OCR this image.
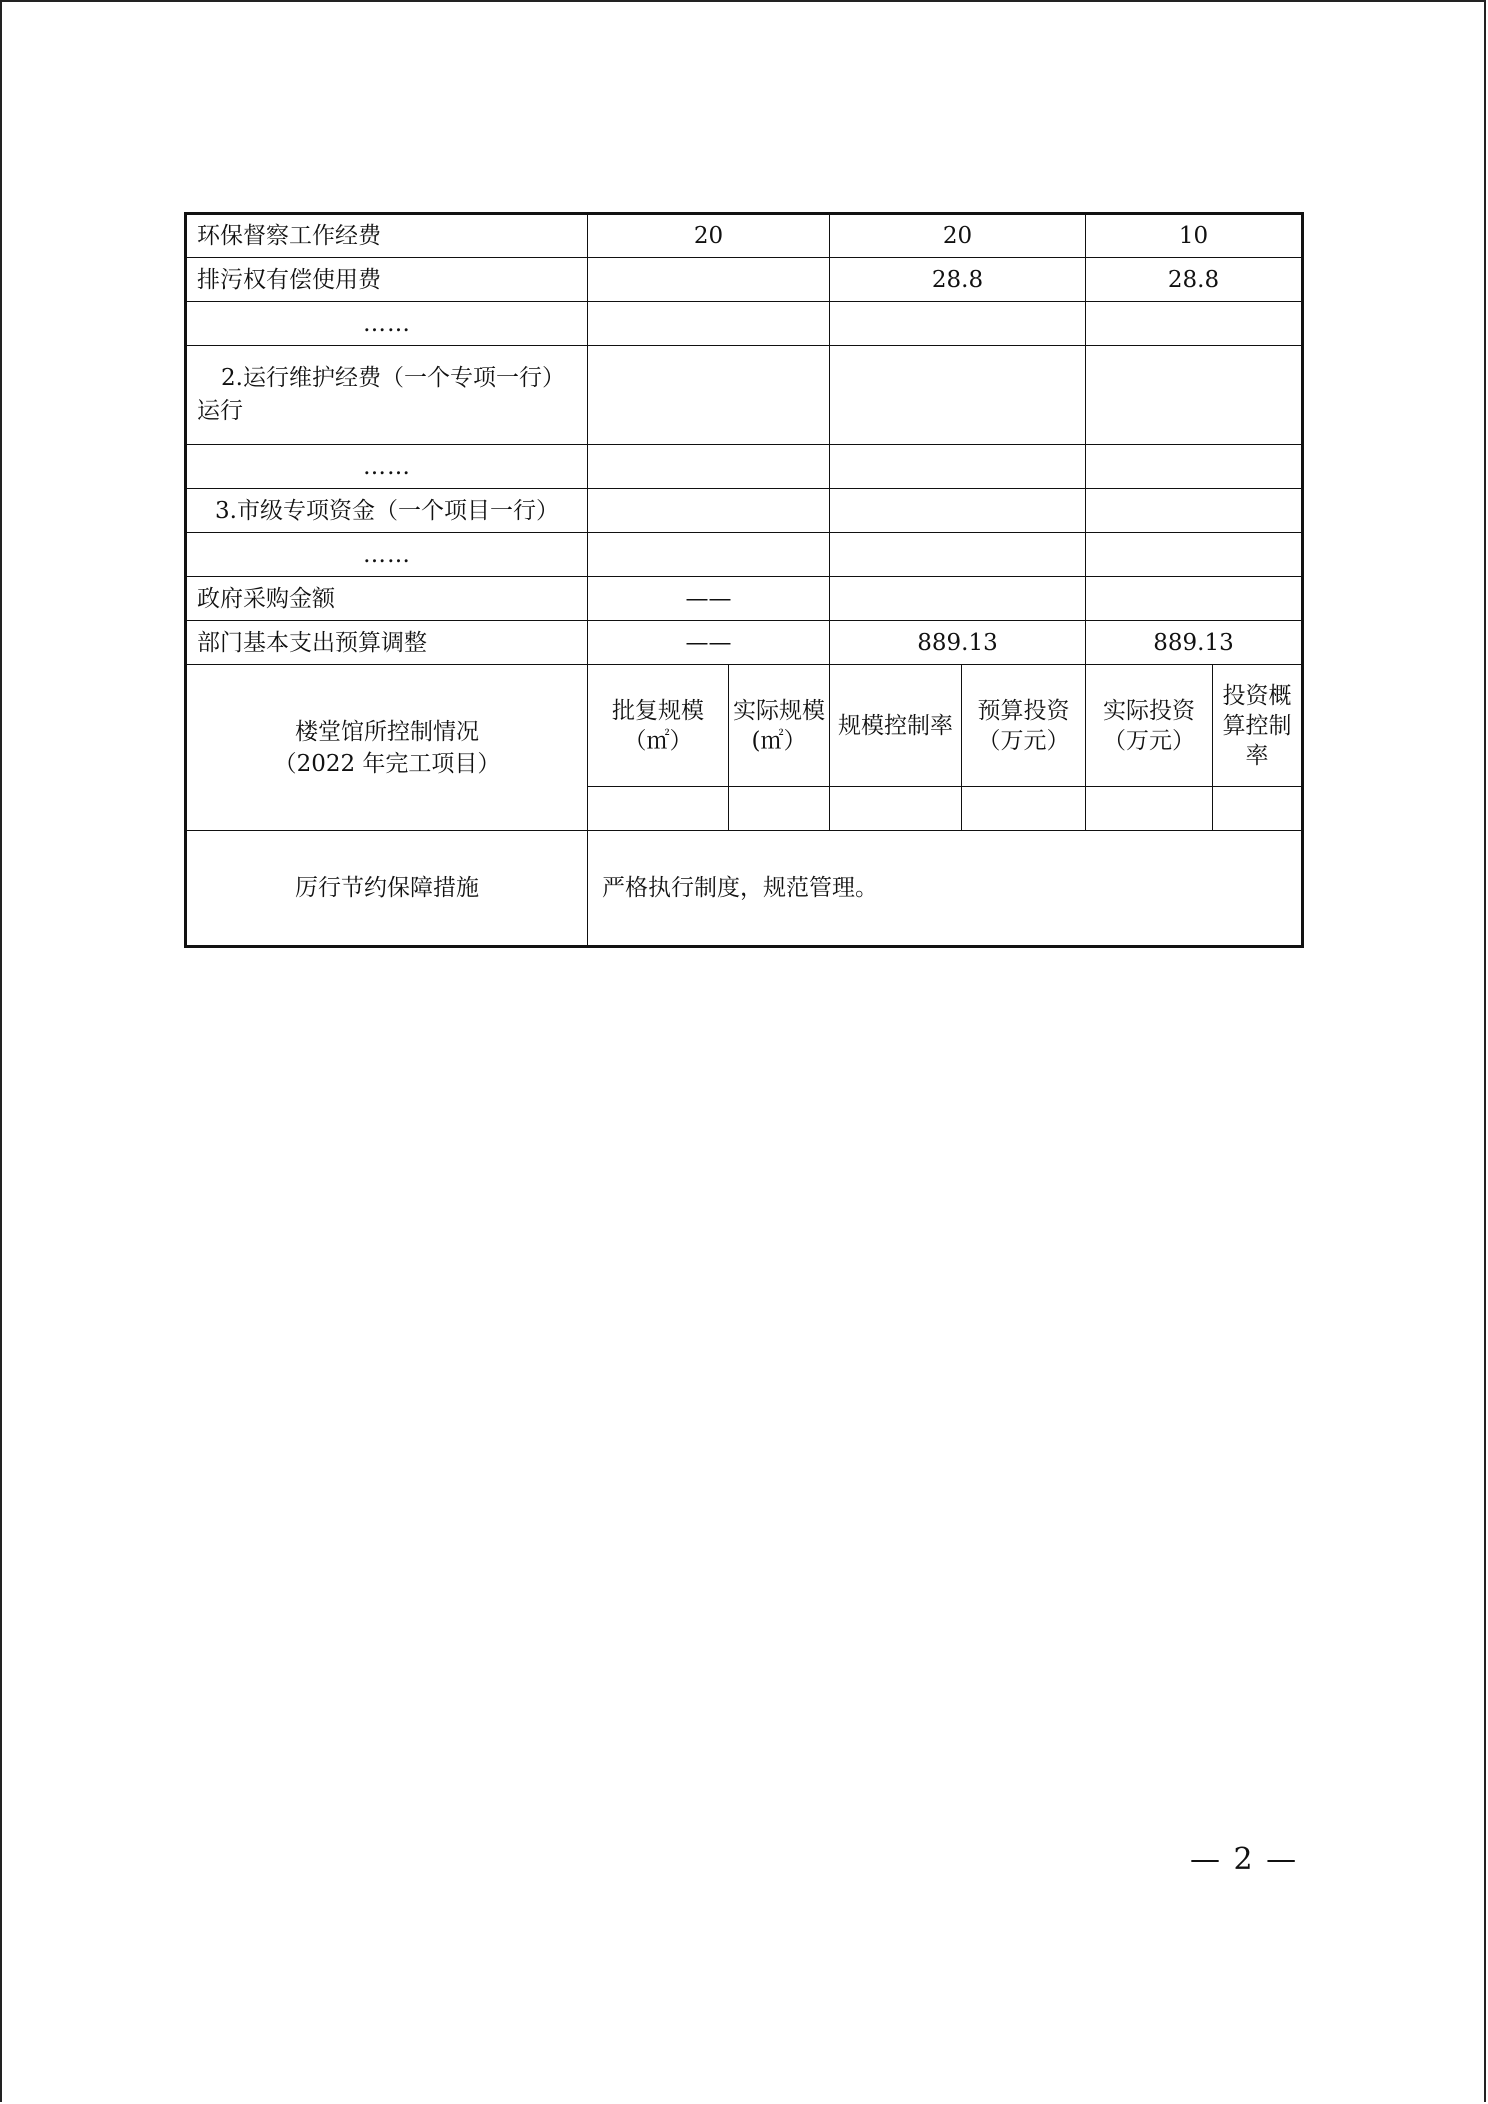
环保督察工作经费	20		20		10	
排污权有偿使用费			28.8		28.8	
……						
2.运行维护经费（一个专项一行）运行						
……						
3.市级专项资金（一个项目一行）						
……						
政府采购金额	——					
部门基本支出预算调整	——		889.13		889.13	

楼堂馆所控制情况
（2022 年完工项目）	批复规模（㎡）	实际规模(㎡）	规模控制率	预算投资（万元）	实际投资（万元）	投资概算控制率

厉行节约保障措施	严格执行制度，规范管理。					
— 2 —
